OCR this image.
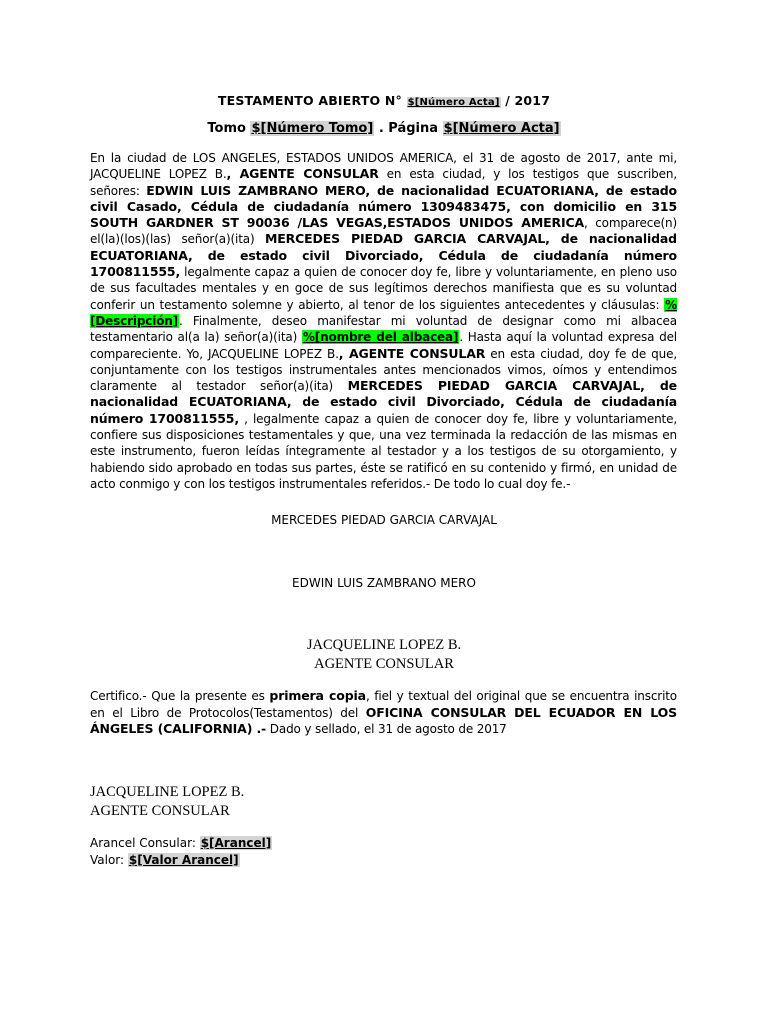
TESTAMENTO ABIERTO N° $[Número Acta] / 2017
Tomo $[Número Tomo] . Página $[Número Acta]
En la ciudad de LOS ANGELES, ESTADOS UNIDOS AMERICA, el 31 de agosto de 2017, ante mi, JACQUELINE LOPEZ B., AGENTE CONSULAR en esta ciudad, y los testigos que suscriben, señores: EDWIN LUIS ZAMBRANO MERO, de nacionalidad ECUATORIANA, de estado civil Casado, Cédula de ciudadanía número 1309483475, con domicilio en 315 SOUTH GARDNER ST 90036 /LAS VEGAS,ESTADOS UNIDOS AMERICA, comparece(n) el(la)(los)(las) señor(a)(ita) MERCEDES PIEDAD GARCIA CARVAJAL, de nacionalidad ECUATORIANA, de estado civil Divorciado, Cédula de ciudadanía número 1700811555, legalmente capaz a quien de conocer doy fe, libre y voluntariamente, en pleno uso de sus facultades mentales y en goce de sus legítimos derechos manifiesta que es su voluntad conferir un testamento solemne y abierto, al tenor de los siguientes antecedentes y cláusulas: %[Descripción]. Finalmente, deseo manifestar mi voluntad de designar como mi albacea testamentario al(a la) señor(a)(ita) %[nombre del albacea]. Hasta aquí la voluntad expresa del compareciente. Yo, JACQUELINE LOPEZ B., AGENTE CONSULAR en esta ciudad, doy fe de que, conjuntamente con los testigos instrumentales antes mencionados vimos, oímos y entendimos claramente al testador señor(a)(ita) MERCEDES PIEDAD GARCIA CARVAJAL, de nacionalidad ECUATORIANA, de estado civil Divorciado, Cédula de ciudadanía número 1700811555, , legalmente capaz a quien de conocer doy fe, libre y voluntariamente, confiere sus disposiciones testamentales y que, una vez terminada la redacción de las mismas en este instrumento, fueron leídas íntegramente al testador y a los testigos de su otorgamiento, y habiendo sido aprobado en todas sus partes, éste se ratificó en su contenido y firmó, en unidad de acto conmigo y con los testigos instrumentales referidos.- De todo lo cual doy fe.-
MERCEDES PIEDAD GARCIA CARVAJAL
EDWIN LUIS ZAMBRANO MERO
JACQUELINE LOPEZ B.
AGENTE CONSULAR
Certifico.- Que la presente es primera copia, fiel y textual del original que se encuentra inscrito en el Libro de Protocolos(Testamentos) del OFICINA CONSULAR DEL ECUADOR EN LOS ÁNGELES (CALIFORNIA) .- Dado y sellado, el 31 de agosto de 2017
JACQUELINE LOPEZ B.
AGENTE CONSULAR
Arancel Consular: $[Arancel]
Valor: $[Valor Arancel]
